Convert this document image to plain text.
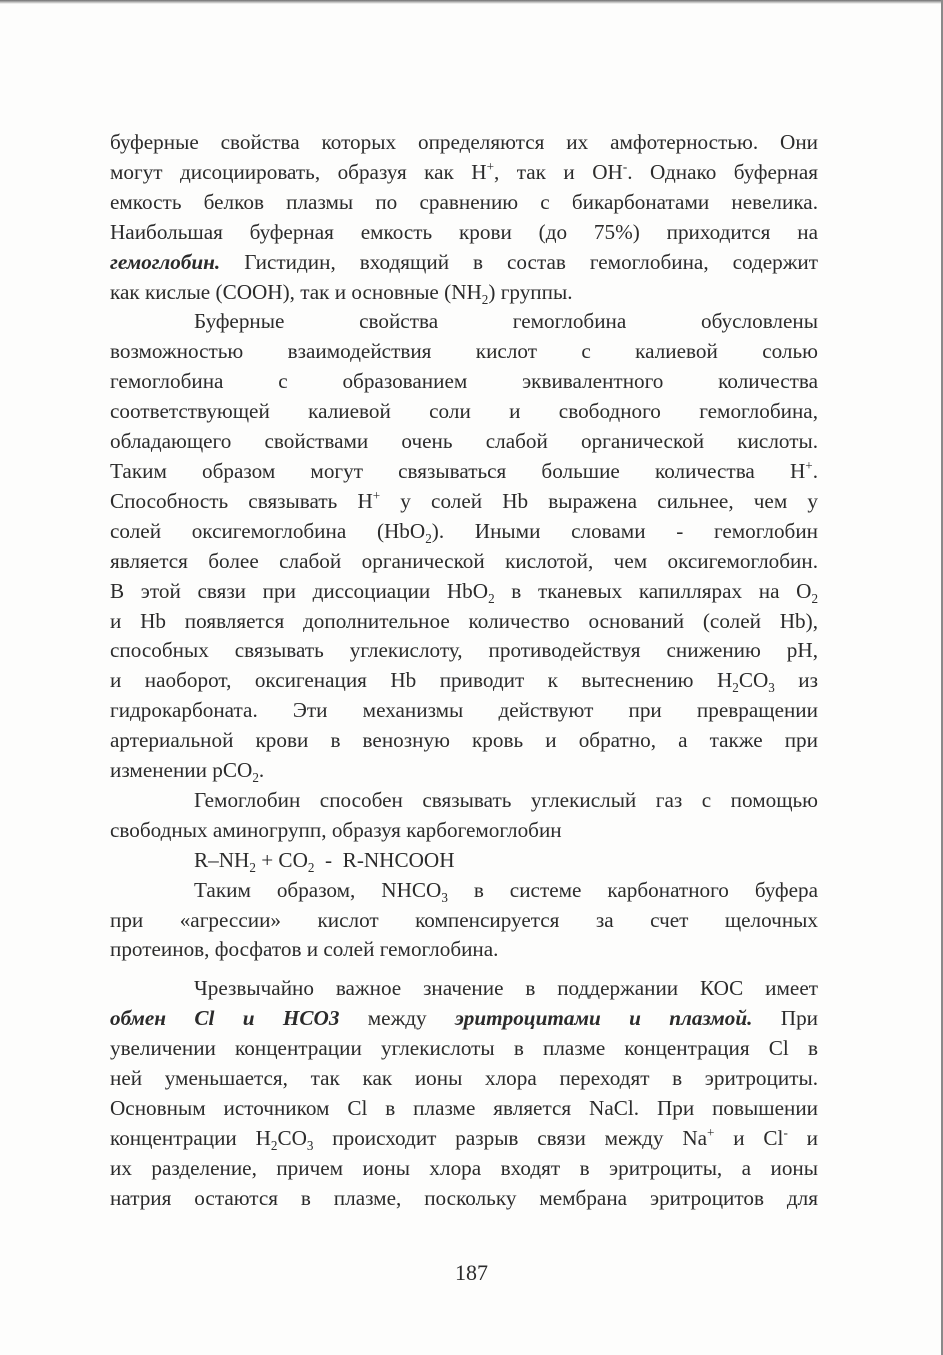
буферные свойства которых определяются их амфотерностью. Они
могут дисоциировать, образуя как H+, так и OH-. Однако буферная
емкость белков плазмы по сравнению с бикарбонатами невелика.
Наибольшая буферная емкость крови (до 75%) приходится на
гемоглобин. Гистидин, входящий в состав гемоглобина, содержит
как кислые (COOH), так и основные $(NH_2)$ группы.
Буферные свойства гемоглобина обусловлены
возможностью взаимодействия кислот с калиевой солью
гемоглобина с образованием эквивалентного количества
соответствующей калиевой соли и свободного гемоглобина,
обладающего свойствами очень слабой органической кислоты.
Таким образом могут связываться большие количества H+.
Способность связывать H+ у солей Hb выражена сильнее, чем у
солей оксигемоглобина (HbO$_2$). Иными словами - гемоглобин
является более слабой органической кислотой, чем оксигемоглобин.
В этой связи при диссоциации HbO$_2$ в тканевых капиллярах на $O_2$
и Hb появляется дополнительное количество оснований (солей Hb),
способных связывать углекислоту, противодействуя снижению pH,
и наоборот, оксигенация Hb приводит к вытеснению $H_2CO_3$ из
гидрокарбоната. Эти механизмы действуют при превращении
артериальной крови в венозную кровь и обратно, а также при
изменении pCO$_2$.
Гемоглобин способен связывать углекислый газ с помощью
свободных аминогрупп, образуя карбогемоглобин
$R-NH_2 + CO_2$  -  R-NHCOOH
Таким образом, $NHCO_3$ в системе карбонатного буфера
при «агрессии» кислот компенсируется за счет щелочных
протеинов, фосфатов и солей гемоглобина.
Чрезвычайно важное значение в поддержании КОС имеет
обмен Cl и HCO3 между эритроцитами и плазмой. При
увеличении концентрации углекислоты в плазме концентрация Cl в
ней уменьшается, так как ионы хлора переходят в эритроциты.
Основным источником Cl в плазме является NaCl. При повышении
концентрации $H_2CO_3$ происходит разрыв связи между Na+ и Cl- и
их разделение, причем ионы хлора входят в эритроциты, а ионы
натрия остаются в плазме, поскольку мембрана эритроцитов для
187
